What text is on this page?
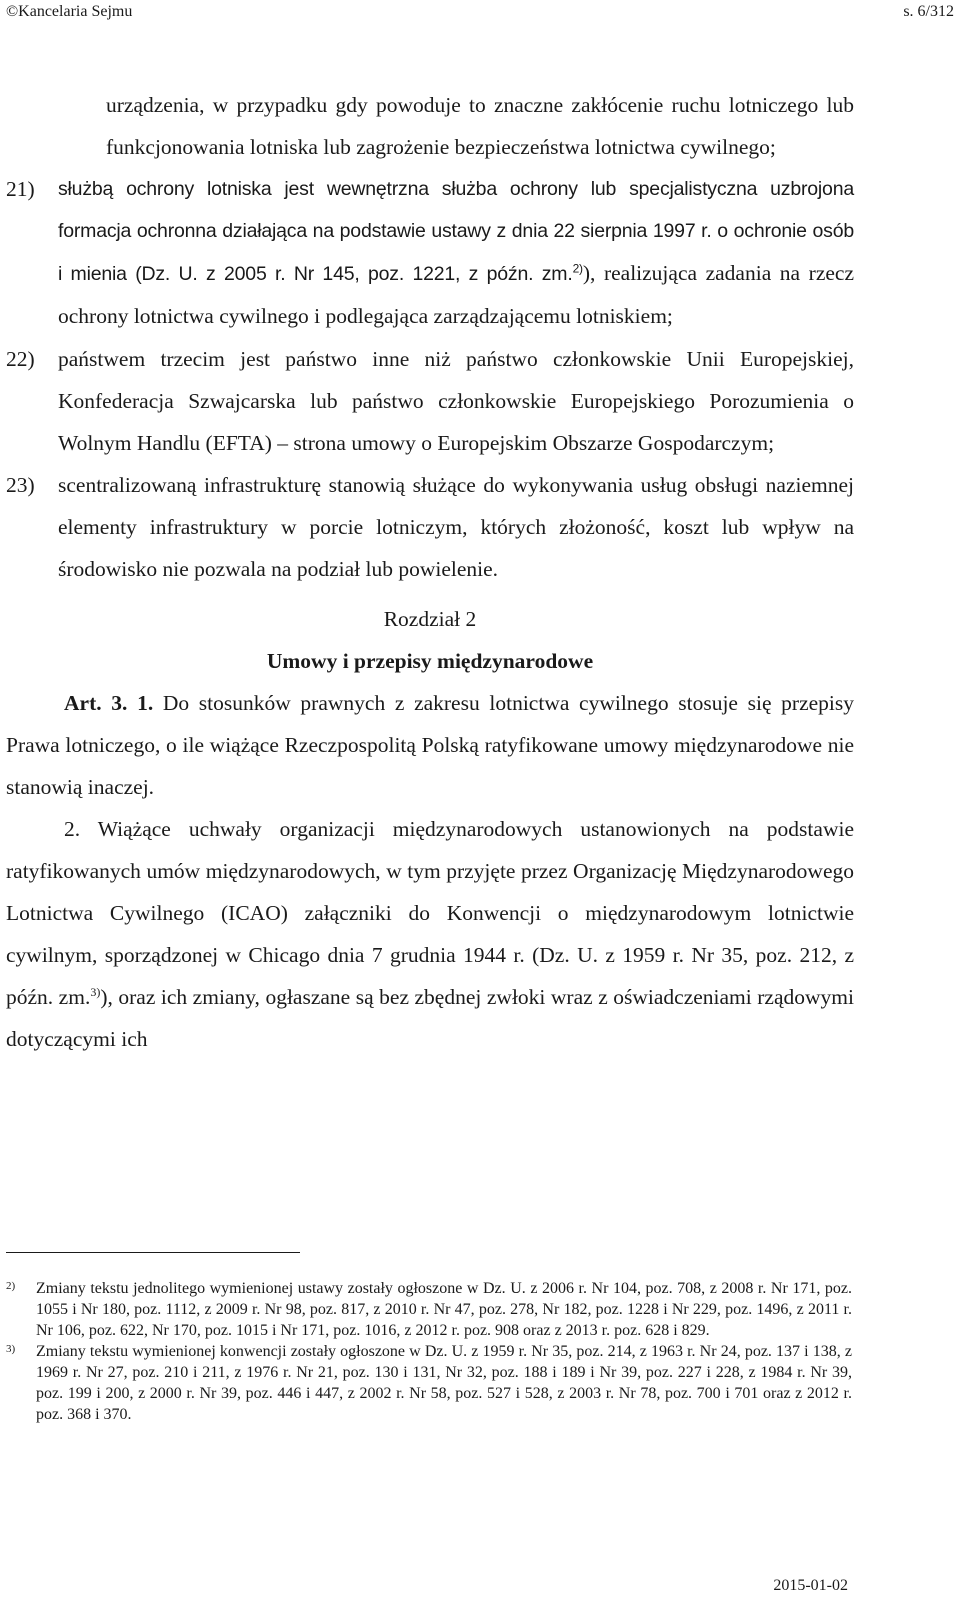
©Kancelaria Sejmu	s. 6/312
urządzenia, w przypadku gdy powoduje to znaczne zakłócenie ruchu lotniczego lub funkcjonowania lotniska lub zagrożenie bezpieczeństwa lotnictwa cywilnego;
21)	służbą ochrony lotniska jest wewnętrzna służba ochrony lub specjalistyczna uzbrojona formacja ochronna działająca na podstawie ustawy z dnia 22 sierpnia 1997 r. o ochronie osób i mienia (Dz. U. z 2005 r. Nr 145, poz. 1221, z późn. zm.$^{2)}$), realizująca zadania na rzecz ochrony lotnictwa cywilnego i podlegająca zarządzającemu lotniskiem;
22)	państwem trzecim jest państwo inne niż państwo członkowskie Unii Europejskiej, Konfederacja Szwajcarska lub państwo członkowskie Europejskiego Porozumienia o Wolnym Handlu (EFTA) – strona umowy o Europejskim Obszarze Gospodarczym;
23)	scentralizowaną infrastrukturę stanowią służące do wykonywania usług obsługi naziemnej elementy infrastruktury w porcie lotniczym, których złożoność, koszt lub wpływ na środowisko nie pozwala na podział lub powielenie.
Rozdział 2
Umowy i przepisy międzynarodowe
Art. 3. 1. Do stosunków prawnych z zakresu lotnictwa cywilnego stosuje się przepisy Prawa lotniczego, o ile wiążące Rzeczpospolitą Polską ratyfikowane umowy międzynarodowe nie stanowią inaczej.
2. Wiążące uchwały organizacji międzynarodowych ustanowionych na podstawie ratyfikowanych umów międzynarodowych, w tym przyjęte przez Organizację Międzynarodowego Lotnictwa Cywilnego (ICAO) załączniki do Konwencji o międzynarodowym lotnictwie cywilnym, sporządzonej w Chicago dnia 7 grudnia 1944 r. (Dz. U. z 1959 r. Nr 35, poz. 212, z późn. zm.$^{3)}$), oraz ich zmiany, ogłaszane są bez zbędnej zwłoki wraz z oświadczeniami rządowymi dotyczącymi ich
2)	Zmiany tekstu jednolitego wymienionej ustawy zostały ogłoszone w Dz. U. z 2006 r. Nr 104, poz. 708, z 2008 r. Nr 171, poz. 1055 i Nr 180, poz. 1112, z 2009 r. Nr 98, poz. 817, z 2010 r. Nr 47, poz. 278, Nr 182, poz. 1228 i Nr 229, poz. 1496, z 2011 r. Nr 106, poz. 622, Nr 170, poz. 1015 i Nr 171, poz. 1016, z 2012 r. poz. 908 oraz z 2013 r. poz. 628 i 829.
3)	Zmiany tekstu wymienionej konwencji zostały ogłoszone w Dz. U. z 1959 r. Nr 35, poz. 214, z 1963 r. Nr 24, poz. 137 i 138, z 1969 r. Nr 27, poz. 210 i 211, z 1976 r. Nr 21, poz. 130 i 131, Nr 32, poz. 188 i 189 i Nr 39, poz. 227 i 228, z 1984 r. Nr 39, poz. 199 i 200, z 2000 r. Nr 39, poz. 446 i 447, z 2002 r. Nr 58, poz. 527 i 528, z 2003 r. Nr 78, poz. 700 i 701 oraz z 2012 r. poz. 368 i 370.
2015-01-02
